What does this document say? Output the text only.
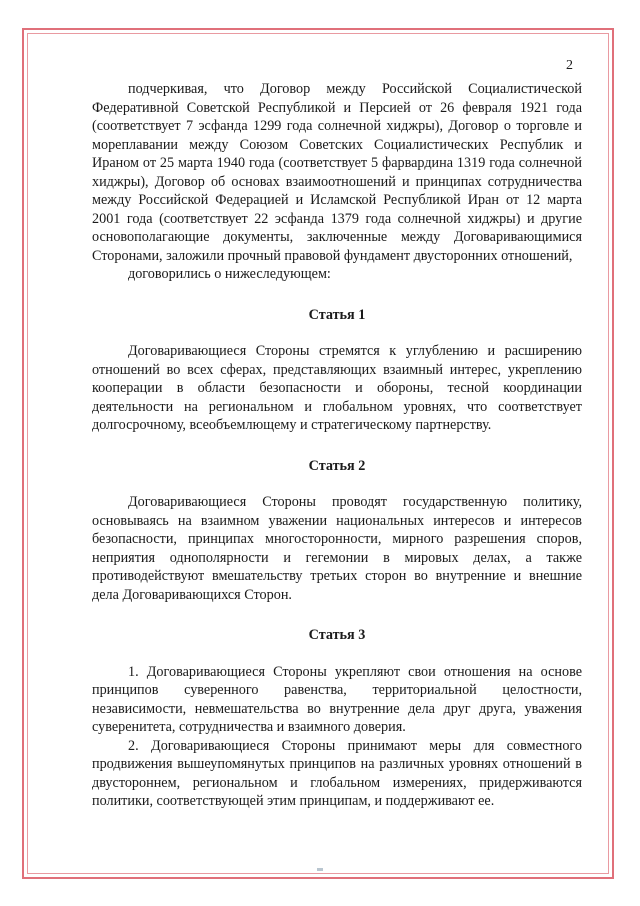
2

подчеркивая, что Договор между Российской Социалистической Федеративной Советской Республикой и Персией от 26 февраля 1921 года (соответствует 7 эсфанда 1299 года солнечной хиджры), Договор о торговле и мореплавании между Союзом Советских Социалистических Республик и Ираном от 25 марта 1940 года (соответствует 5 фарвардина 1319 года солнечной хиджры), Договор об основах взаимоотношений и принципах сотрудничества между Российской Федерацией и Исламской Республикой Иран от 12 марта 2001 года (соответствует 22 эсфанда 1379 года солнечной хиджры) и другие основополагающие документы, заключенные между Договаривающимися Сторонами, заложили прочный правовой фундамент двусторонних отношений,

договорились о нижеследующем:

Статья 1

Договаривающиеся Стороны стремятся к углублению и расширению отношений во всех сферах, представляющих взаимный интерес, укреплению кооперации в области безопасности и обороны, тесной координации деятельности на региональном и глобальном уровнях, что соответствует долгосрочному, всеобъемлющему и стратегическому партнерству.

Статья 2

Договаривающиеся Стороны проводят государственную политику, основываясь на взаимном уважении национальных интересов и интересов безопасности, принципах многосторонности, мирного разрешения споров, неприятия однополярности и гегемонии в мировых делах, а также противодействуют вмешательству третьих сторон во внутренние и внешние дела Договаривающихся Сторон.

Статья 3

1. Договаривающиеся Стороны укрепляют свои отношения на основе принципов суверенного равенства, территориальной целостности, независимости, невмешательства во внутренние дела друг друга, уважения суверенитета, сотрудничества и взаимного доверия.

2. Договаривающиеся Стороны принимают меры для совместного продвижения вышеупомянутых принципов на различных уровнях отношений в двустороннем, региональном и глобальном измерениях, придерживаются политики, соответствующей этим принципам, и поддерживают ее.
